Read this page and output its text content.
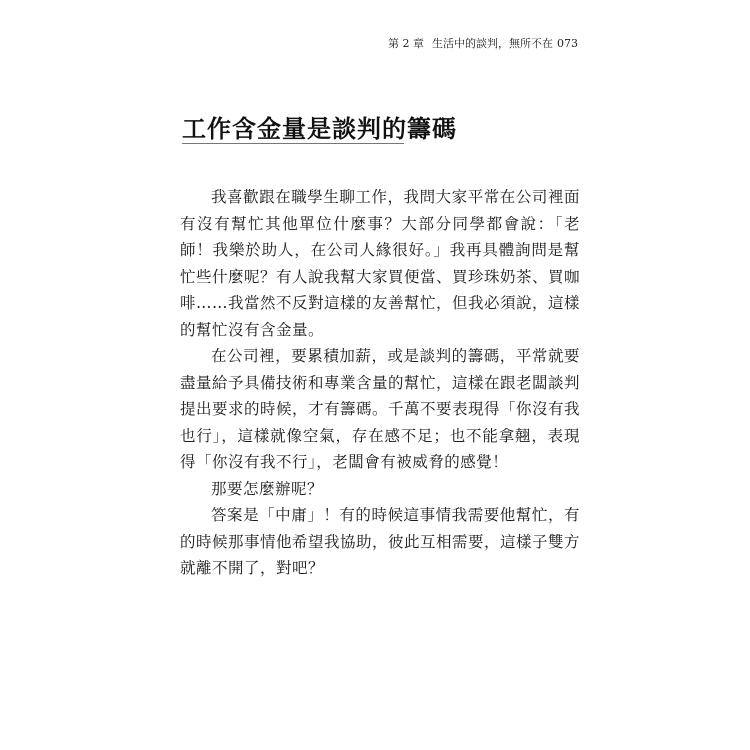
第 2 章 生活中的談判，無所不在 073
工作含金量是談判的籌碼

我喜歡跟在職學生聊工作，我問大家平常在公司裡面有沒有幫忙其他單位什麼事？大部分同學都會說：「老師！我樂於助人，在公司人緣很好。」我再具體詢問是幫忙些什麼呢？有人說我幫大家買便當、買珍珠奶茶、買咖啡……我當然不反對這樣的友善幫忙，但我必須說，這樣的幫忙沒有含金量。

在公司裡，要累積加薪，或是談判的籌碼，平常就要盡量給予具備技術和專業含量的幫忙，這樣在跟老闆談判提出要求的時候，才有籌碼。千萬不要表現得「你沒有我也行」，這樣就像空氣，存在感不足；也不能拿翹，表現得「你沒有我不行」，老闆會有被威脅的感覺！

那要怎麼辦呢？

答案是「中庸」！有的時候這事情我需要他幫忙，有的時候那事情他希望我協助，彼此互相需要，這樣子雙方就離不開了，對吧？
